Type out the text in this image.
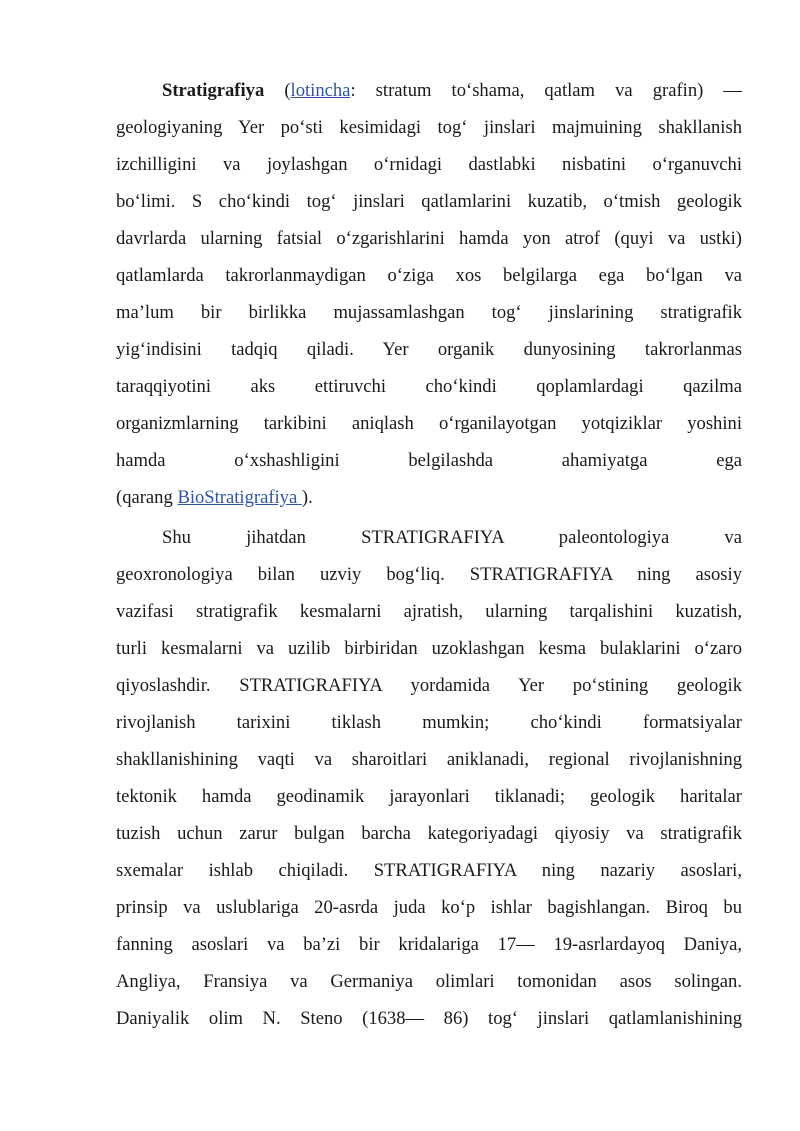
Stratigrafiya (lotincha: stratum to‘shama, qatlam va grafin) —
geologiyaning Yer po‘sti kesimidagi tog‘ jinslari majmuining shakllanish
izchilligini va joylashgan o‘rnidagi dastlabki nisbatini o‘rganuvchi
bo‘limi. S cho‘kindi tog‘ jinslari qatlamlarini kuzatib, o‘tmish geologik
davrlarda ularning fatsial o‘zgarishlarini hamda yon atrof (quyi va ustki)
qatlamlarda takrorlanmaydigan o‘ziga xos belgilarga ega bo‘lgan va
ma’lum bir birlikka mujassamlashgan tog‘ jinslarining stratigrafik
yig‘indisini tadqiq qiladi. Yer organik dunyosining takrorlanmas
taraqqiyotini aks ettiruvchi cho‘kindi qoplamlardagi qazilma
organizmlarning tarkibini aniqlash o‘rganilayotgan yotqiziklar yoshini
hamda o‘xshashligini belgilashda ahamiyatga ega
(qarang BioStratigrafiya ).
Shu jihatdan STRATIGRAFIYA paleontologiya va
geoxronologiya bilan uzviy bog‘liq. STRATIGRAFIYA ning asosiy
vazifasi stratigrafik kesmalarni ajratish, ularning tarqalishini kuzatish,
turli kesmalarni va uzilib birbiridan uzoklashgan kesma bulaklarini o‘zaro
qiyoslashdir. STRATIGRAFIYA yordamida Yer po‘stining geologik
rivojlanish tarixini tiklash mumkin; cho‘kindi formatsiyalar
shakllanishining vaqti va sharoitlari aniklanadi, regional rivojlanishning
tektonik hamda geodinamik jarayonlari tiklanadi; geologik haritalar
tuzish uchun zarur bulgan barcha kategoriyadagi qiyosiy va stratigrafik
sxemalar ishlab chiqiladi. STRATIGRAFIYA ning nazariy asoslari,
prinsip va uslublariga 20-asrda juda ko‘p ishlar bagishlangan. Biroq bu
fanning asoslari va ba’zi bir kridalariga 17— 19-asrlardayoq Daniya,
Angliya, Fransiya va Germaniya olimlari tomonidan asos solingan.
Daniyalik olim N. Steno (1638— 86) tog‘ jinslari qatlamlanishining
